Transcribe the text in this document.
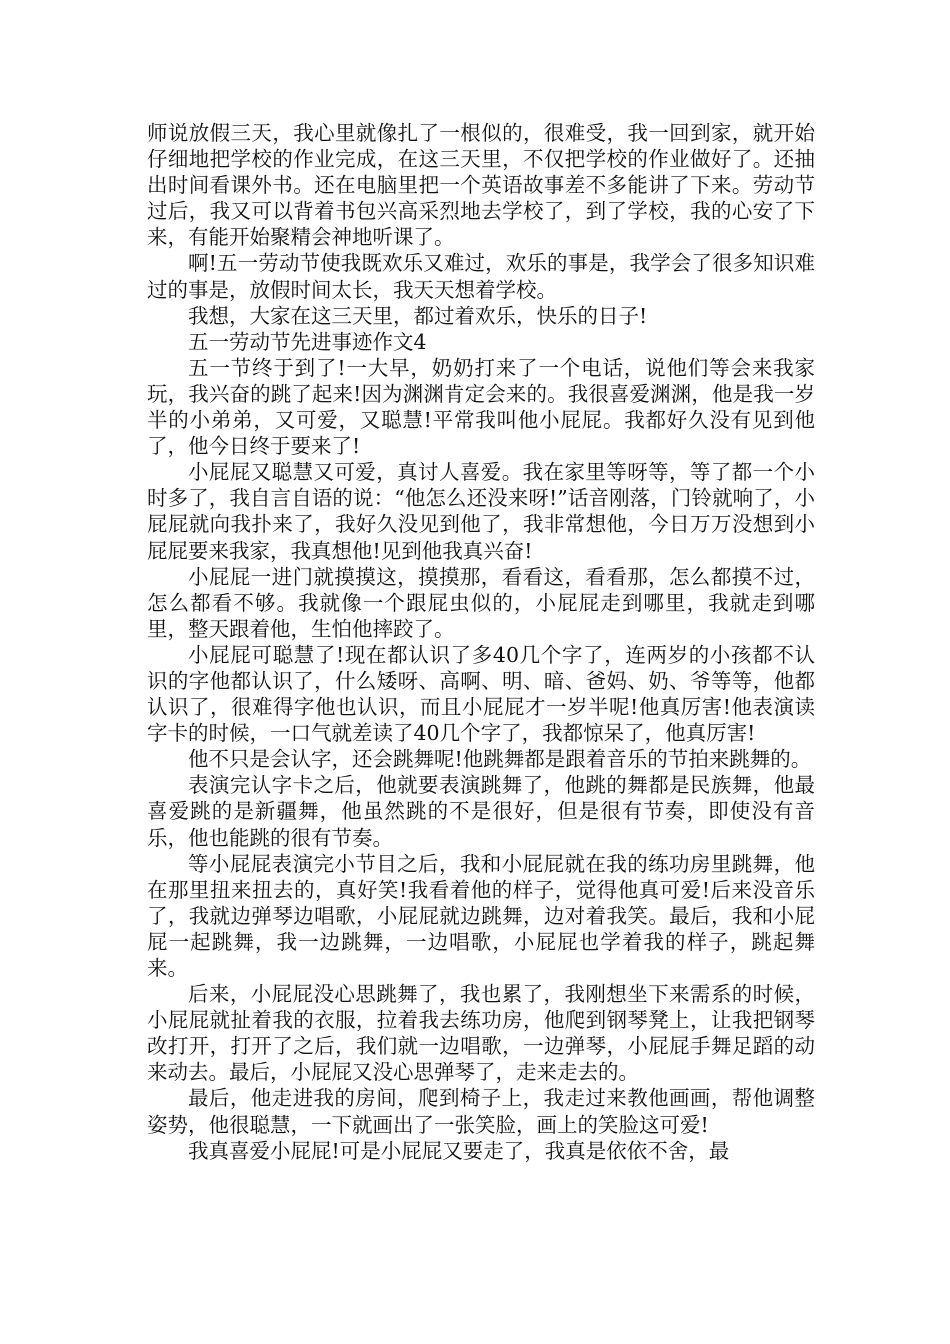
师说放假三天，我心里就像扎了一根似的，很难受，我一回到家，就开始仔细地把学校的作业完成，在这三天里，不仅把学校的作业做好了。还抽出时间看课外书。还在电脑里把一个英语故事差不多能讲了下来。劳动节过后，我又可以背着书包兴高采烈地去学校了，到了学校，我的心安了下来，有能开始聚精会神地听课了。

啊!五一劳动节使我既欢乐又难过，欢乐的事是，我学会了很多知识难过的事是，放假时间太长，我天天想着学校。

我想，大家在这三天里，都过着欢乐，快乐的日子!

五一劳动节先进事迹作文4

五一节终于到了!一大早，奶奶打来了一个电话，说他们等会来我家玩，我兴奋的跳了起来!因为渊渊肯定会来的。我很喜爱渊渊，他是我一岁半的小弟弟，又可爱，又聪慧!平常我叫他小屁屁。我都好久没有见到他了，他今日终于要来了!

小屁屁又聪慧又可爱，真讨人喜爱。我在家里等呀等，等了都一个小时多了，我自言自语的说：“他怎么还没来呀!”话音刚落，门铃就响了，小屁屁就向我扑来了，我好久没见到他了，我非常想他，今日万万没想到小屁屁要来我家，我真想他!见到他我真兴奋!

小屁屁一进门就摸摸这，摸摸那，看看这，看看那，怎么都摸不过，怎么都看不够。我就像一个跟屁虫似的，小屁屁走到哪里，我就走到哪里，整天跟着他，生怕他摔跤了。

小屁屁可聪慧了!现在都认识了多40几个字了，连两岁的小孩都不认识的字他都认识了，什么矮呀、高啊、明、暗、爸妈、奶、爷等等，他都认识了，很难得字他也认识，而且小屁屁才一岁半呢!他真厉害!他表演读字卡的时候，一口气就差读了40几个字了，我都惊呆了，他真厉害!

他不只是会认字，还会跳舞呢!他跳舞都是跟着音乐的节拍来跳舞的。

表演完认字卡之后，他就要表演跳舞了，他跳的舞都是民族舞，他最喜爱跳的是新疆舞，他虽然跳的不是很好，但是很有节奏，即使没有音乐，他也能跳的很有节奏。

等小屁屁表演完小节目之后，我和小屁屁就在我的练功房里跳舞，他在那里扭来扭去的，真好笑!我看着他的样子，觉得他真可爱!后来没音乐了，我就边弹琴边唱歌，小屁屁就边跳舞，边对着我笑。最后，我和小屁屁一起跳舞，我一边跳舞，一边唱歌，小屁屁也学着我的样子，跳起舞来。

后来，小屁屁没心思跳舞了，我也累了，我刚想坐下来需系的时候，小屁屁就扯着我的衣服，拉着我去练功房，他爬到钢琴凳上，让我把钢琴改打开，打开了之后，我们就一边唱歌，一边弹琴，小屁屁手舞足蹈的动来动去。最后，小屁屁又没心思弹琴了，走来走去的。

最后，他走进我的房间，爬到椅子上，我走过来教他画画，帮他调整姿势，他很聪慧，一下就画出了一张笑脸，画上的笑脸这可爱!

我真喜爱小屁屁!可是小屁屁又要走了，我真是依依不舍，最
